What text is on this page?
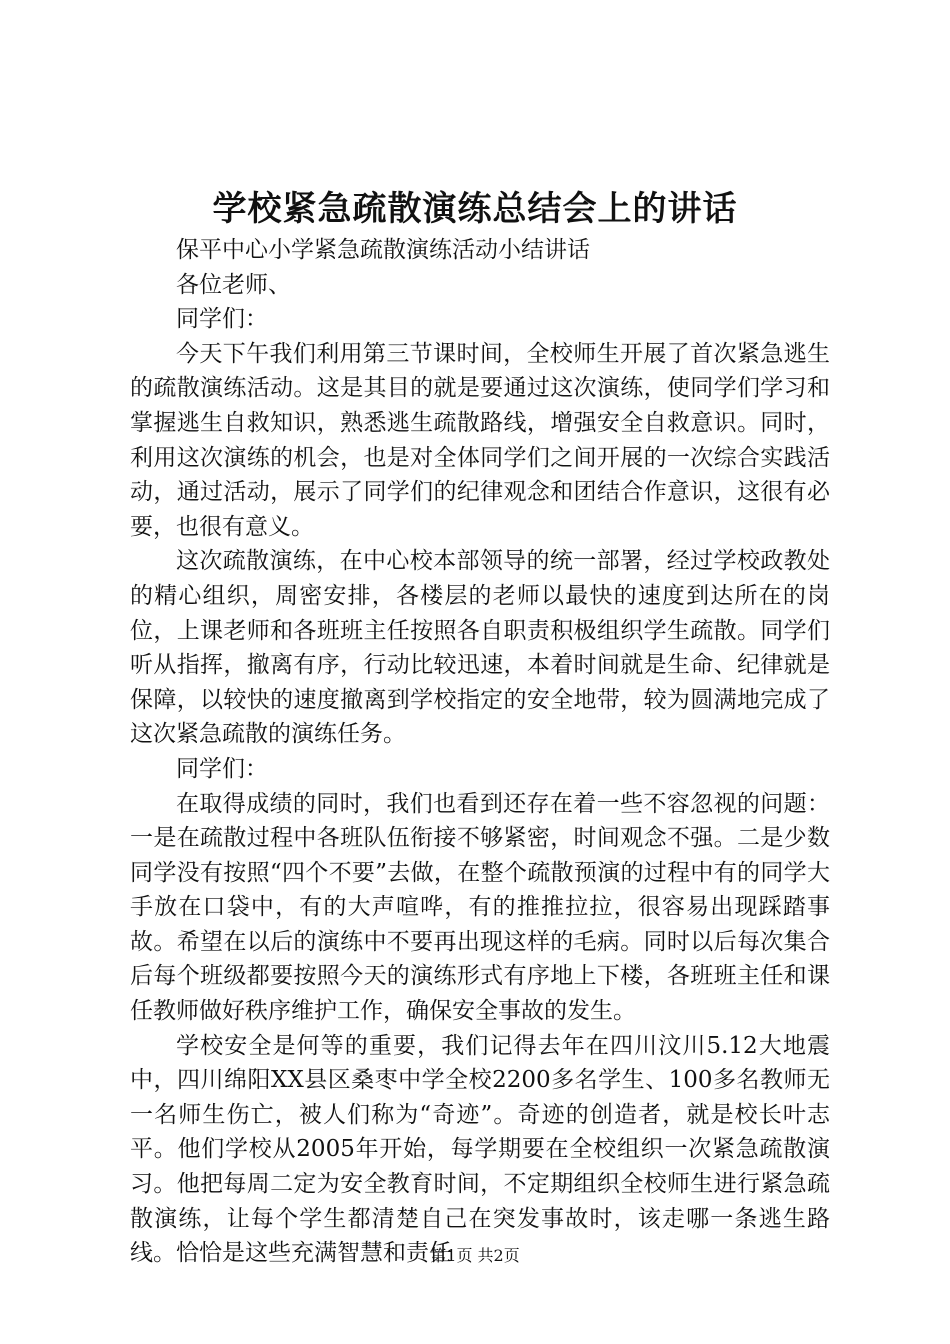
学校紧急疏散演练总结会上的讲话

保平中心小学紧急疏散演练活动小结讲话

各位老师、

同学们：

今天下午我们利用第三节课时间，全校师生开展了首次紧急逃生的疏散演练活动。这是其目的就是要通过这次演练，使同学们学习和掌握逃生自救知识，熟悉逃生疏散路线，增强安全自救意识。同时，利用这次演练的机会，也是对全体同学们之间开展的一次综合实践活动，通过活动，展示了同学们的纪律观念和团结合作意识，这很有必要，也很有意义。

这次疏散演练，在中心校本部领导的统一部署，经过学校政教处的精心组织，周密安排，各楼层的老师以最快的速度到达所在的岗位，上课老师和各班班主任按照各自职责积极组织学生疏散。同学们听从指挥，撤离有序，行动比较迅速，本着时间就是生命、纪律就是保障，以较快的速度撤离到学校指定的安全地带，较为圆满地完成了这次紧急疏散的演练任务。

同学们：

在取得成绩的同时，我们也看到还存在着一些不容忽视的问题：一是在疏散过程中各班队伍衔接不够紧密，时间观念不强。二是少数同学没有按照“四个不要”去做，在整个疏散预演的过程中有的同学大手放在口袋中，有的大声喧哗，有的推推拉拉，很容易出现踩踏事故。希望在以后的演练中不要再出现这样的毛病。同时以后每次集合后每个班级都要按照今天的演练形式有序地上下楼，各班班主任和课任教师做好秩序维护工作，确保安全事故的发生。

学校安全是何等的重要，我们记得去年在四川汶川5.12大地震中，四川绵阳XX县区桑枣中学全校2200多名学生、100多名教师无一名师生伤亡，被人们称为“奇迹”。奇迹的创造者，就是校长叶志平。他们学校从2005年开始，每学期要在全校组织一次紧急疏散演习。他把每周二定为安全教育时间，不定期组织全校师生进行紧急疏散演练，让每个学生都清楚自己在突发事故时，该走哪一条逃生路线。恰恰是这些充满智慧和责任

第1页 共2页
